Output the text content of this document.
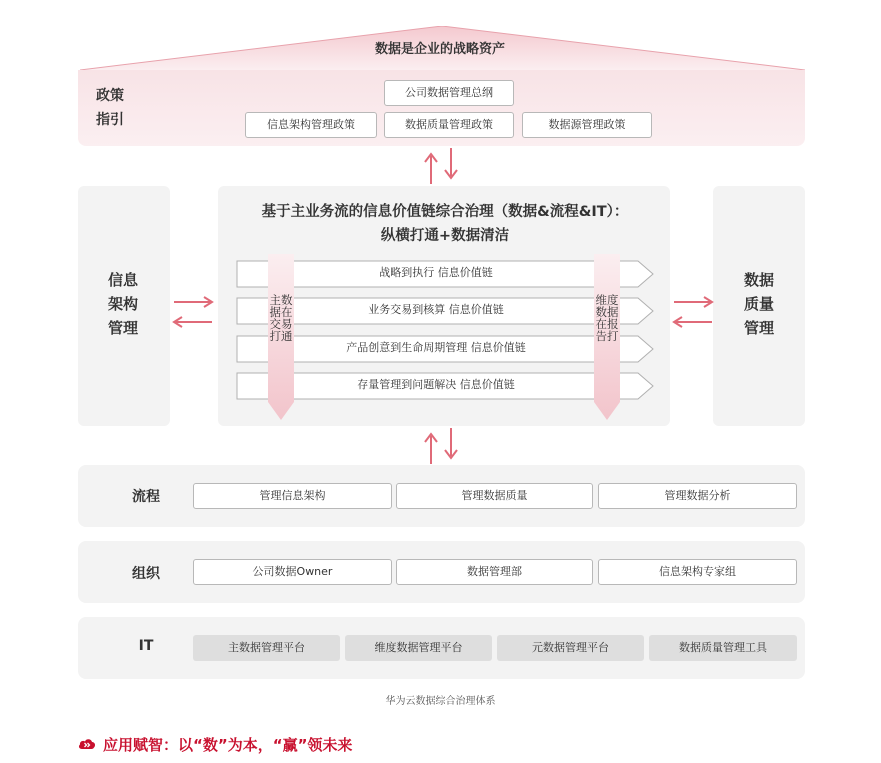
数据是企业的战略资产
政策
指引
公司数据管理总纲
信息架构管理政策	数据质量管理政策	数据源管理政策
信息
架构
管理
数据
质量
管理
基于主业务流的信息价值链综合治理（数据&流程&IT）：
纵横打通+数据清洁
战略到执行 信息价值链
业务交易到核算 信息价值链
产品创意到生命周期管理 信息价值链
存量管理到问题解决 信息价值链
主数据在交易打通
维度数据在报告打
流程	管理信息架构	管理数据质量	管理数据分析
组织	公司数据Owner	数据管理部	信息架构专家组
IT	主数据管理平台	维度数据管理平台	元数据管理平台	数据质量管理工具
华为云数据综合治理体系
应用赋智：以“数”为本，“赢”领未来
